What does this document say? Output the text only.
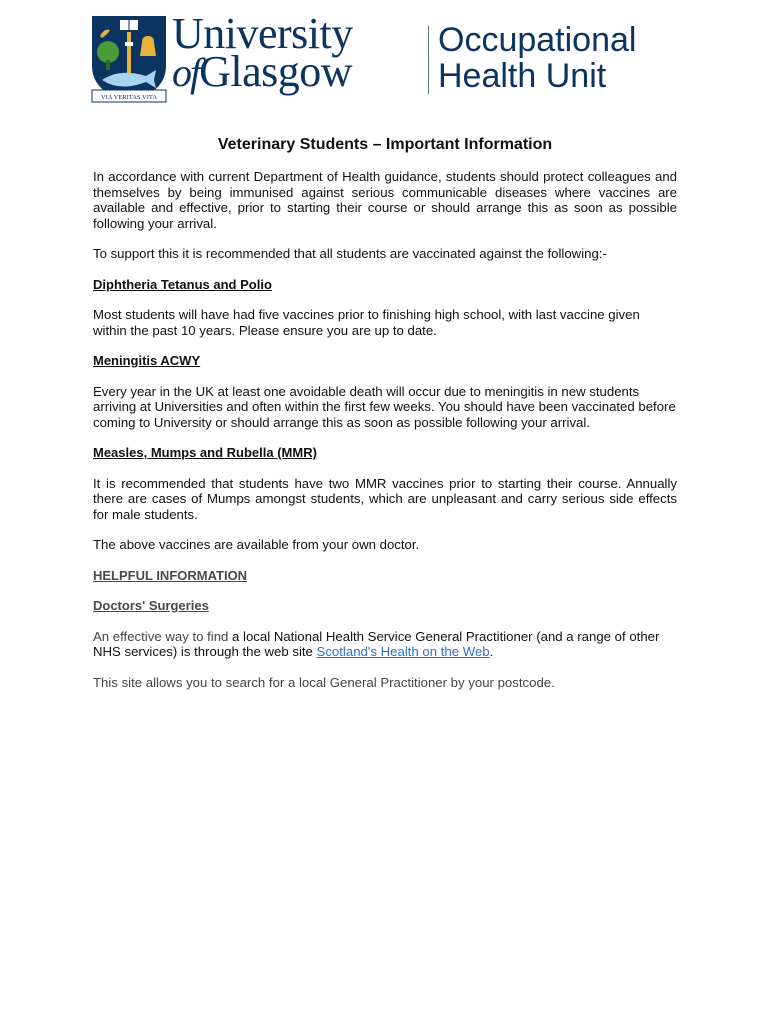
VIA VERITAS VITA
University
ofGlasgow
Occupational
Health Unit
Veterinary Students – Important Information

In accordance with current Department of Health guidance, students should protect colleagues and themselves by being immunised against serious communicable diseases where vaccines are available and effective, prior to starting their course or should arrange this as soon as possible following your arrival.

To support this it is recommended that all students are vaccinated against the following:-

Diphtheria Tetanus and Polio

Most students will have had five vaccines prior to finishing high school, with last vaccine given within the past 10 years. Please ensure you are up to date.

Meningitis ACWY

Every year in the UK at least one avoidable death will occur due to meningitis in new students arriving at Universities and often within the first few weeks. You should have been vaccinated before coming to University or should arrange this as soon as possible following your arrival.

Measles, Mumps and Rubella (MMR)

It is recommended that students have two MMR vaccines prior to starting their course. Annually there are cases of Mumps amongst students, which are unpleasant and carry serious side effects for male students.

The above vaccines are available from your own doctor.

HELPFUL INFORMATION
Doctors' Surgeries

An effective way to find a local National Health Service General Practitioner (and a range of other NHS services) is through the web site Scotland's Health on the Web.

This site allows you to search for a local General Practitioner by your postcode.
